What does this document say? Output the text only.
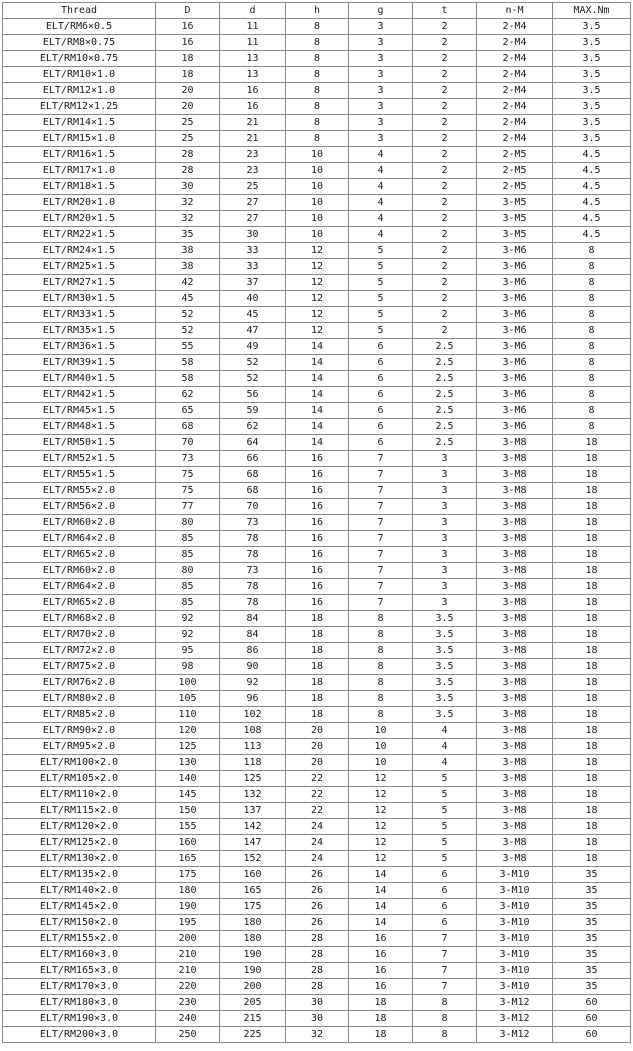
Thread	D	d	h	g	t	n-M	MAX.Nm
ELT/RM6×0.5	16	11	8	3	2	2-M4	3.5
ELT/RM8×0.75	16	11	8	3	2	2-M4	3.5
ELT/RM10×0.75	18	13	8	3	2	2-M4	3.5
ELT/RM10×1.0	18	13	8	3	2	2-M4	3.5
ELT/RM12×1.0	20	16	8	3	2	2-M4	3.5
ELT/RM12×1.25	20	16	8	3	2	2-M4	3.5
ELT/RM14×1.5	25	21	8	3	2	2-M4	3.5
ELT/RM15×1.0	25	21	8	3	2	2-M4	3.5
ELT/RM16×1.5	28	23	10	4	2	2-M5	4.5
ELT/RM17×1.0	28	23	10	4	2	2-M5	4.5
ELT/RM18×1.5	30	25	10	4	2	2-M5	4.5
ELT/RM20×1.0	32	27	10	4	2	3-M5	4.5
ELT/RM20×1.5	32	27	10	4	2	3-M5	4.5
ELT/RM22×1.5	35	30	10	4	2	3-M5	4.5
ELT/RM24×1.5	38	33	12	5	2	3-M6	8
ELT/RM25×1.5	38	33	12	5	2	3-M6	8
ELT/RM27×1.5	42	37	12	5	2	3-M6	8
ELT/RM30×1.5	45	40	12	5	2	3-M6	8
ELT/RM33×1.5	52	45	12	5	2	3-M6	8
ELT/RM35×1.5	52	47	12	5	2	3-M6	8
ELT/RM36×1.5	55	49	14	6	2.5	3-M6	8
ELT/RM39×1.5	58	52	14	6	2.5	3-M6	8
ELT/RM40×1.5	58	52	14	6	2.5	3-M6	8
ELT/RM42×1.5	62	56	14	6	2.5	3-M6	8
ELT/RM45×1.5	65	59	14	6	2.5	3-M6	8
ELT/RM48×1.5	68	62	14	6	2.5	3-M6	8
ELT/RM50×1.5	70	64	14	6	2.5	3-M8	18
ELT/RM52×1.5	73	66	16	7	3	3-M8	18
ELT/RM55×1.5	75	68	16	7	3	3-M8	18
ELT/RM55×2.0	75	68	16	7	3	3-M8	18
ELT/RM56×2.0	77	70	16	7	3	3-M8	18
ELT/RM60×2.0	80	73	16	7	3	3-M8	18
ELT/RM64×2.0	85	78	16	7	3	3-M8	18
ELT/RM65×2.0	85	78	16	7	3	3-M8	18
ELT/RM60×2.0	80	73	16	7	3	3-M8	18
ELT/RM64×2.0	85	78	16	7	3	3-M8	18
ELT/RM65×2.0	85	78	16	7	3	3-M8	18
ELT/RM68×2.0	92	84	18	8	3.5	3-M8	18
ELT/RM70×2.0	92	84	18	8	3.5	3-M8	18
ELT/RM72×2.0	95	86	18	8	3.5	3-M8	18
ELT/RM75×2.0	98	90	18	8	3.5	3-M8	18
ELT/RM76×2.0	100	92	18	8	3.5	3-M8	18
ELT/RM80×2.0	105	96	18	8	3.5	3-M8	18
ELT/RM85×2.0	110	102	18	8	3.5	3-M8	18
ELT/RM90×2.0	120	108	20	10	4	3-M8	18
ELT/RM95×2.0	125	113	20	10	4	3-M8	18
ELT/RM100×2.0	130	118	20	10	4	3-M8	18
ELT/RM105×2.0	140	125	22	12	5	3-M8	18
ELT/RM110×2.0	145	132	22	12	5	3-M8	18
ELT/RM115×2.0	150	137	22	12	5	3-M8	18
ELT/RM120×2.0	155	142	24	12	5	3-M8	18
ELT/RM125×2.0	160	147	24	12	5	3-M8	18
ELT/RM130×2.0	165	152	24	12	5	3-M8	18
ELT/RM135×2.0	175	160	26	14	6	3-M10	35
ELT/RM140×2.0	180	165	26	14	6	3-M10	35
ELT/RM145×2.0	190	175	26	14	6	3-M10	35
ELT/RM150×2.0	195	180	26	14	6	3-M10	35
ELT/RM155×2.0	200	180	28	16	7	3-M10	35
ELT/RM160×3.0	210	190	28	16	7	3-M10	35
ELT/RM165×3.0	210	190	28	16	7	3-M10	35
ELT/RM170×3.0	220	200	28	16	7	3-M10	35
ELT/RM180×3.0	230	205	30	18	8	3-M12	60
ELT/RM190×3.0	240	215	30	18	8	3-M12	60
ELT/RM200×3.0	250	225	32	18	8	3-M12	60
